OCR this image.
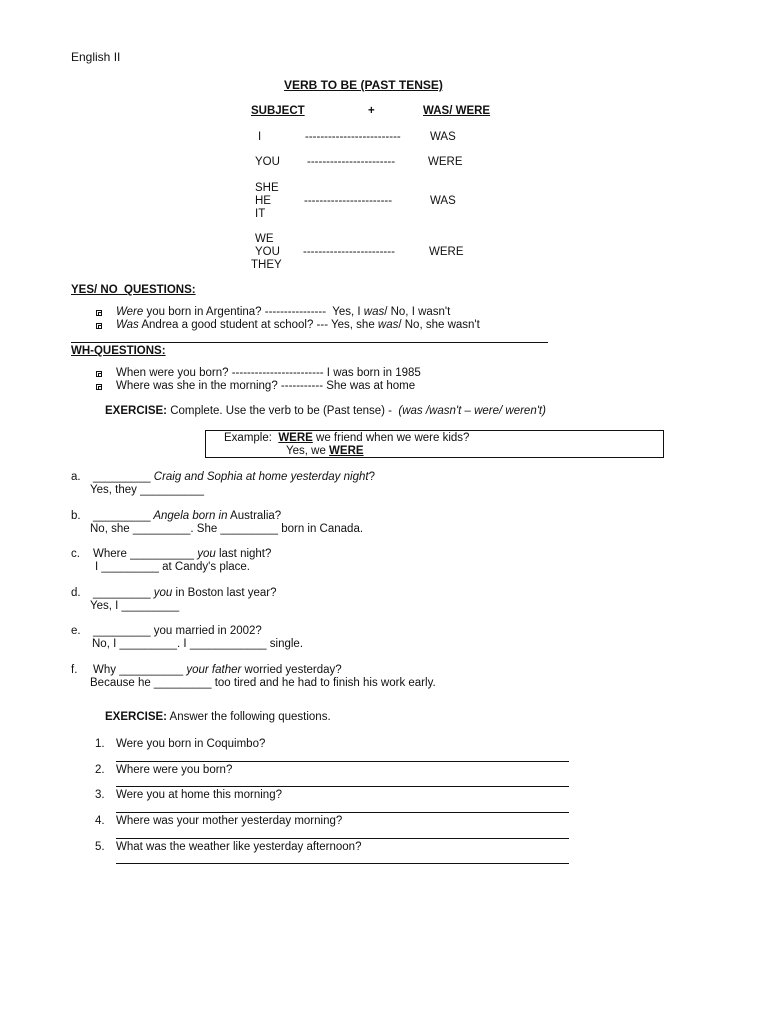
English II
VERB TO BE (PAST TENSE)
SUBJECT	+	WAS/ WERE
I	-------------------------	WAS
YOU -----------------------	WERE
SHE
HE
IT
-----------------------	WAS
WE
YOU
THEY
------------------------	WERE
YES/ NO  QUESTIONS:
Were you born in Argentina? ----------------  Yes, I was/ No, I wasn't
Was Andrea a good student at school? --- Yes, she was/ No, she wasn't
WH-QUESTIONS:
When were you born? ------------------------ I was born in 1985
Where was she in the morning? ----------- She was at home
EXERCISE: Complete. Use the verb to be (Past tense) -  (was /wasn't – were/ weren't)
Example:  WERE we friend when we were kids?
Yes, we WERE
a. _________ Craig and Sophia at home yesterday night?
Yes, they __________
b. _________ Angela born in Australia?
No, she _________. She _________ born in Canada.
c. Where __________ you last night?
I _________ at Candy's place.
d. _________ you in Boston last year?
Yes, I _________
e. _________ you married in 2002?
No, I _________. I ____________ single.
f. Why __________ your father worried yesterday?
Because he _________ too tired and he had to finish his work early.
EXERCISE: Answer the following questions.
1. Were you born in Coquimbo?
2. Where were you born?
3. Were you at home this morning?
4. Where was your mother yesterday morning?
5. What was the weather like yesterday afternoon?
